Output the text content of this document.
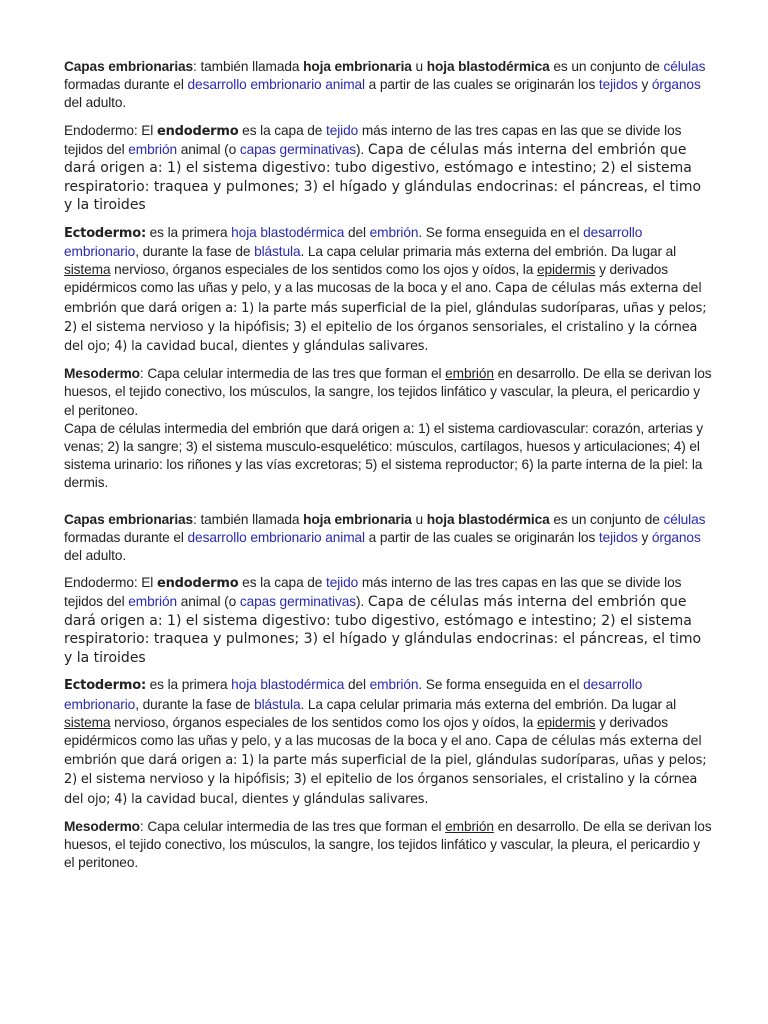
Capas embrionarias: también llamada hoja embrionaria u hoja blastodérmica es un conjunto de células formadas durante el desarrollo embrionario animal a partir de las cuales se originarán los tejidos y órganos del adulto.

Endodermo: El endodermo es la capa de tejido más interno de las tres capas en las que se divide los tejidos del embrión animal (o capas germinativas). Capa de células más interna del embrión que dará origen a: 1) el sistema digestivo: tubo digestivo, estómago e intestino; 2) el sistema respiratorio: traquea y pulmones; 3) el hígado y glándulas endocrinas: el páncreas, el timo y la tiroides

Ectodermo: es la primera hoja blastodérmica del embrión. Se forma enseguida en el desarrollo embrionario, durante la fase de blástula. La capa celular primaria más externa del embrión. Da lugar al sistema nervioso, órganos especiales de los sentidos como los ojos y oídos, la epidermis y derivados epidérmicos como las uñas y pelo, y a las mucosas de la boca y el ano. Capa de células más externa del embrión que dará origen a: 1) la parte más superficial de la piel, glándulas sudoríparas, uñas y pelos; 2) el sistema nervioso y la hipófisis; 3) el epitelio de los órganos sensoriales, el cristalino y la córnea del ojo; 4) la cavidad bucal, dientes y glándulas salivares.

Mesodermo: Capa celular intermedia de las tres que forman el embrión en desarrollo. De ella se derivan los huesos, el tejido conectivo, los músculos, la sangre, los tejidos linfático y vascular, la pleura, el pericardio y el peritoneo.
Capa de células intermedia del embrión que dará origen a: 1) el sistema cardiovascular: corazón, arterias y venas; 2) la sangre; 3) el sistema musculo-esquelético: músculos, cartílagos, huesos y articulaciones; 4) el sistema urinario: los riñones y las vías excretoras; 5) el sistema reproductor; 6) la parte interna de la piel: la dermis.

Capas embrionarias: también llamada hoja embrionaria u hoja blastodérmica es un conjunto de células formadas durante el desarrollo embrionario animal a partir de las cuales se originarán los tejidos y órganos del adulto.

Endodermo: El endodermo es la capa de tejido más interno de las tres capas en las que se divide los tejidos del embrión animal (o capas germinativas). Capa de células más interna del embrión que dará origen a: 1) el sistema digestivo: tubo digestivo, estómago e intestino; 2) el sistema respiratorio: traquea y pulmones; 3) el hígado y glándulas endocrinas: el páncreas, el timo y la tiroides

Ectodermo: es la primera hoja blastodérmica del embrión. Se forma enseguida en el desarrollo embrionario, durante la fase de blástula. La capa celular primaria más externa del embrión. Da lugar al sistema nervioso, órganos especiales de los sentidos como los ojos y oídos, la epidermis y derivados epidérmicos como las uñas y pelo, y a las mucosas de la boca y el ano. Capa de células más externa del embrión que dará origen a: 1) la parte más superficial de la piel, glándulas sudoríparas, uñas y pelos; 2) el sistema nervioso y la hipófisis; 3) el epitelio de los órganos sensoriales, el cristalino y la córnea del ojo; 4) la cavidad bucal, dientes y glándulas salivares.

Mesodermo: Capa celular intermedia de las tres que forman el embrión en desarrollo. De ella se derivan los huesos, el tejido conectivo, los músculos, la sangre, los tejidos linfático y vascular, la pleura, el pericardio y el peritoneo.
